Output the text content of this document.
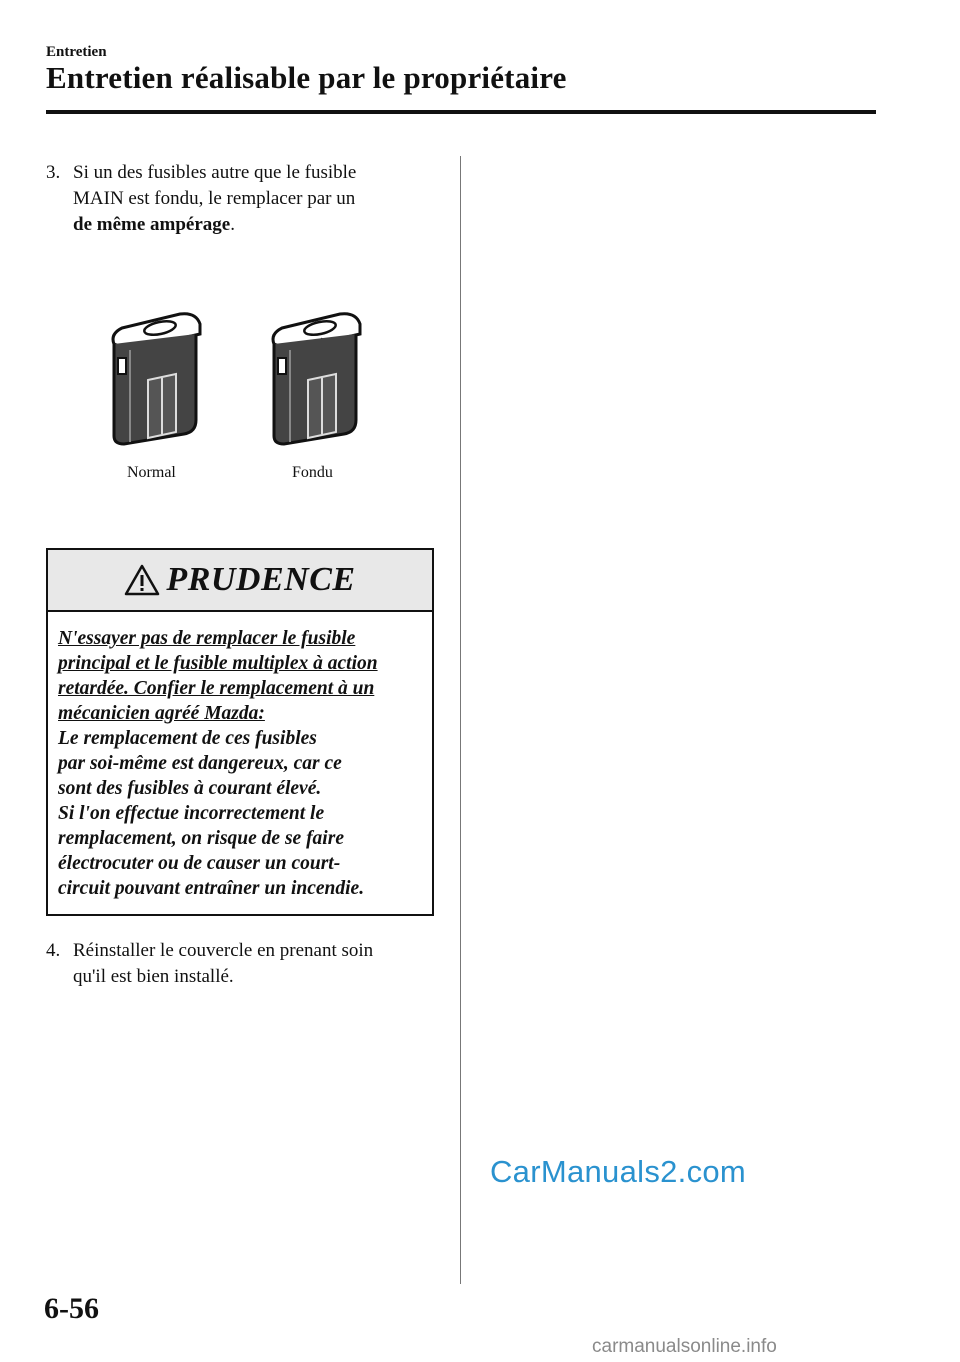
Entretien
Entretien réalisable par le propriétaire
3. Si un des fusibles autre que le fusible
MAIN est fondu, le remplacer par un
de même ampérage.
Normal	Fondu
PRUDENCE
N'essayer pas de remplacer le fusible
principal et le fusible multiplex à action
retardée. Confier le remplacement à un
mécanicien agréé Mazda:
Le remplacement de ces fusibles
par soi-même est dangereux, car ce
sont des fusibles à courant élevé.
Si l'on effectue incorrectement le
remplacement, on risque de se faire
électrocuter ou de causer un court-
circuit pouvant entraîner un incendie.
4. Réinstaller le couvercle en prenant soin
qu'il est bien installé.
CarManuals2.com
6-56
carmanualsonline.info
